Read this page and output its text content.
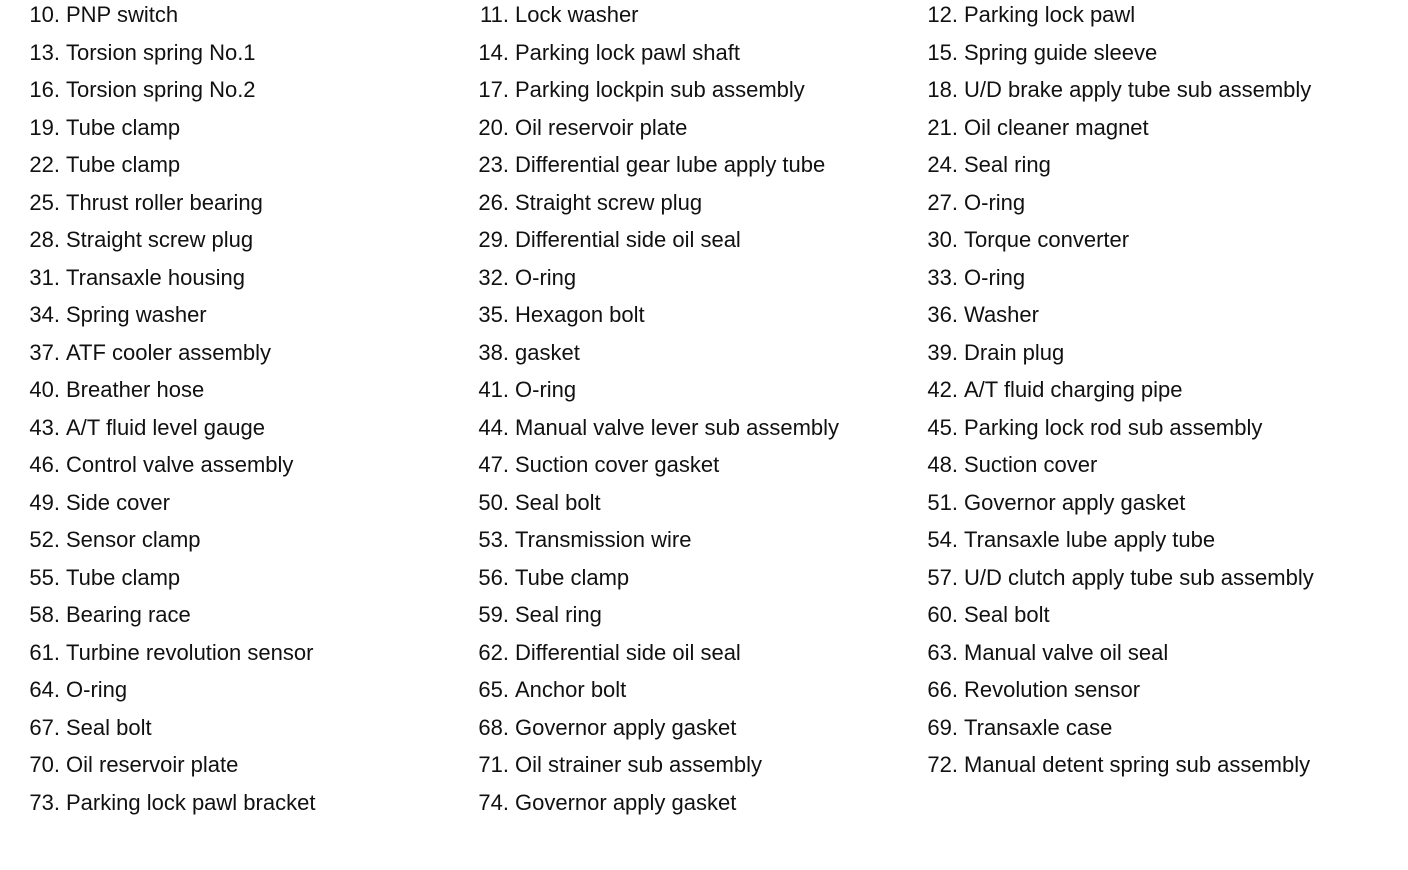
10. PNP switch	11. Lock washer	12. Parking lock pawl
13. Torsion spring No.1	14. Parking lock pawl shaft	15. Spring guide sleeve
16. Torsion spring No.2	17. Parking lockpin sub assembly	18. U/D brake apply tube sub assembly
19. Tube clamp	20. Oil reservoir plate	21. Oil cleaner magnet
22. Tube clamp	23. Differential gear lube apply tube	24. Seal ring
25. Thrust roller bearing	26. Straight screw plug	27. O-ring
28. Straight screw plug	29. Differential side oil seal	30. Torque converter
31. Transaxle housing	32. O-ring	33. O-ring
34. Spring washer	35. Hexagon bolt	36. Washer
37. ATF cooler assembly	38. gasket	39. Drain plug
40. Breather hose	41. O-ring	42. A/T fluid charging pipe
43. A/T fluid level gauge	44. Manual valve lever sub assembly	45. Parking lock rod sub assembly
46. Control valve assembly	47. Suction cover gasket	48. Suction cover
49. Side cover	50. Seal bolt	51. Governor apply gasket
52. Sensor clamp	53. Transmission wire	54. Transaxle lube apply tube
55. Tube clamp	56. Tube clamp	57. U/D clutch apply tube sub assembly
58. Bearing race	59. Seal ring	60. Seal bolt
61. Turbine revolution sensor	62. Differential side oil seal	63. Manual valve oil seal
64. O-ring	65. Anchor bolt	66. Revolution sensor
67. Seal bolt	68. Governor apply gasket	69. Transaxle case
70. Oil reservoir plate	71. Oil strainer sub assembly	72. Manual detent spring sub assembly
73. Parking lock pawl bracket	74. Governor apply gasket
